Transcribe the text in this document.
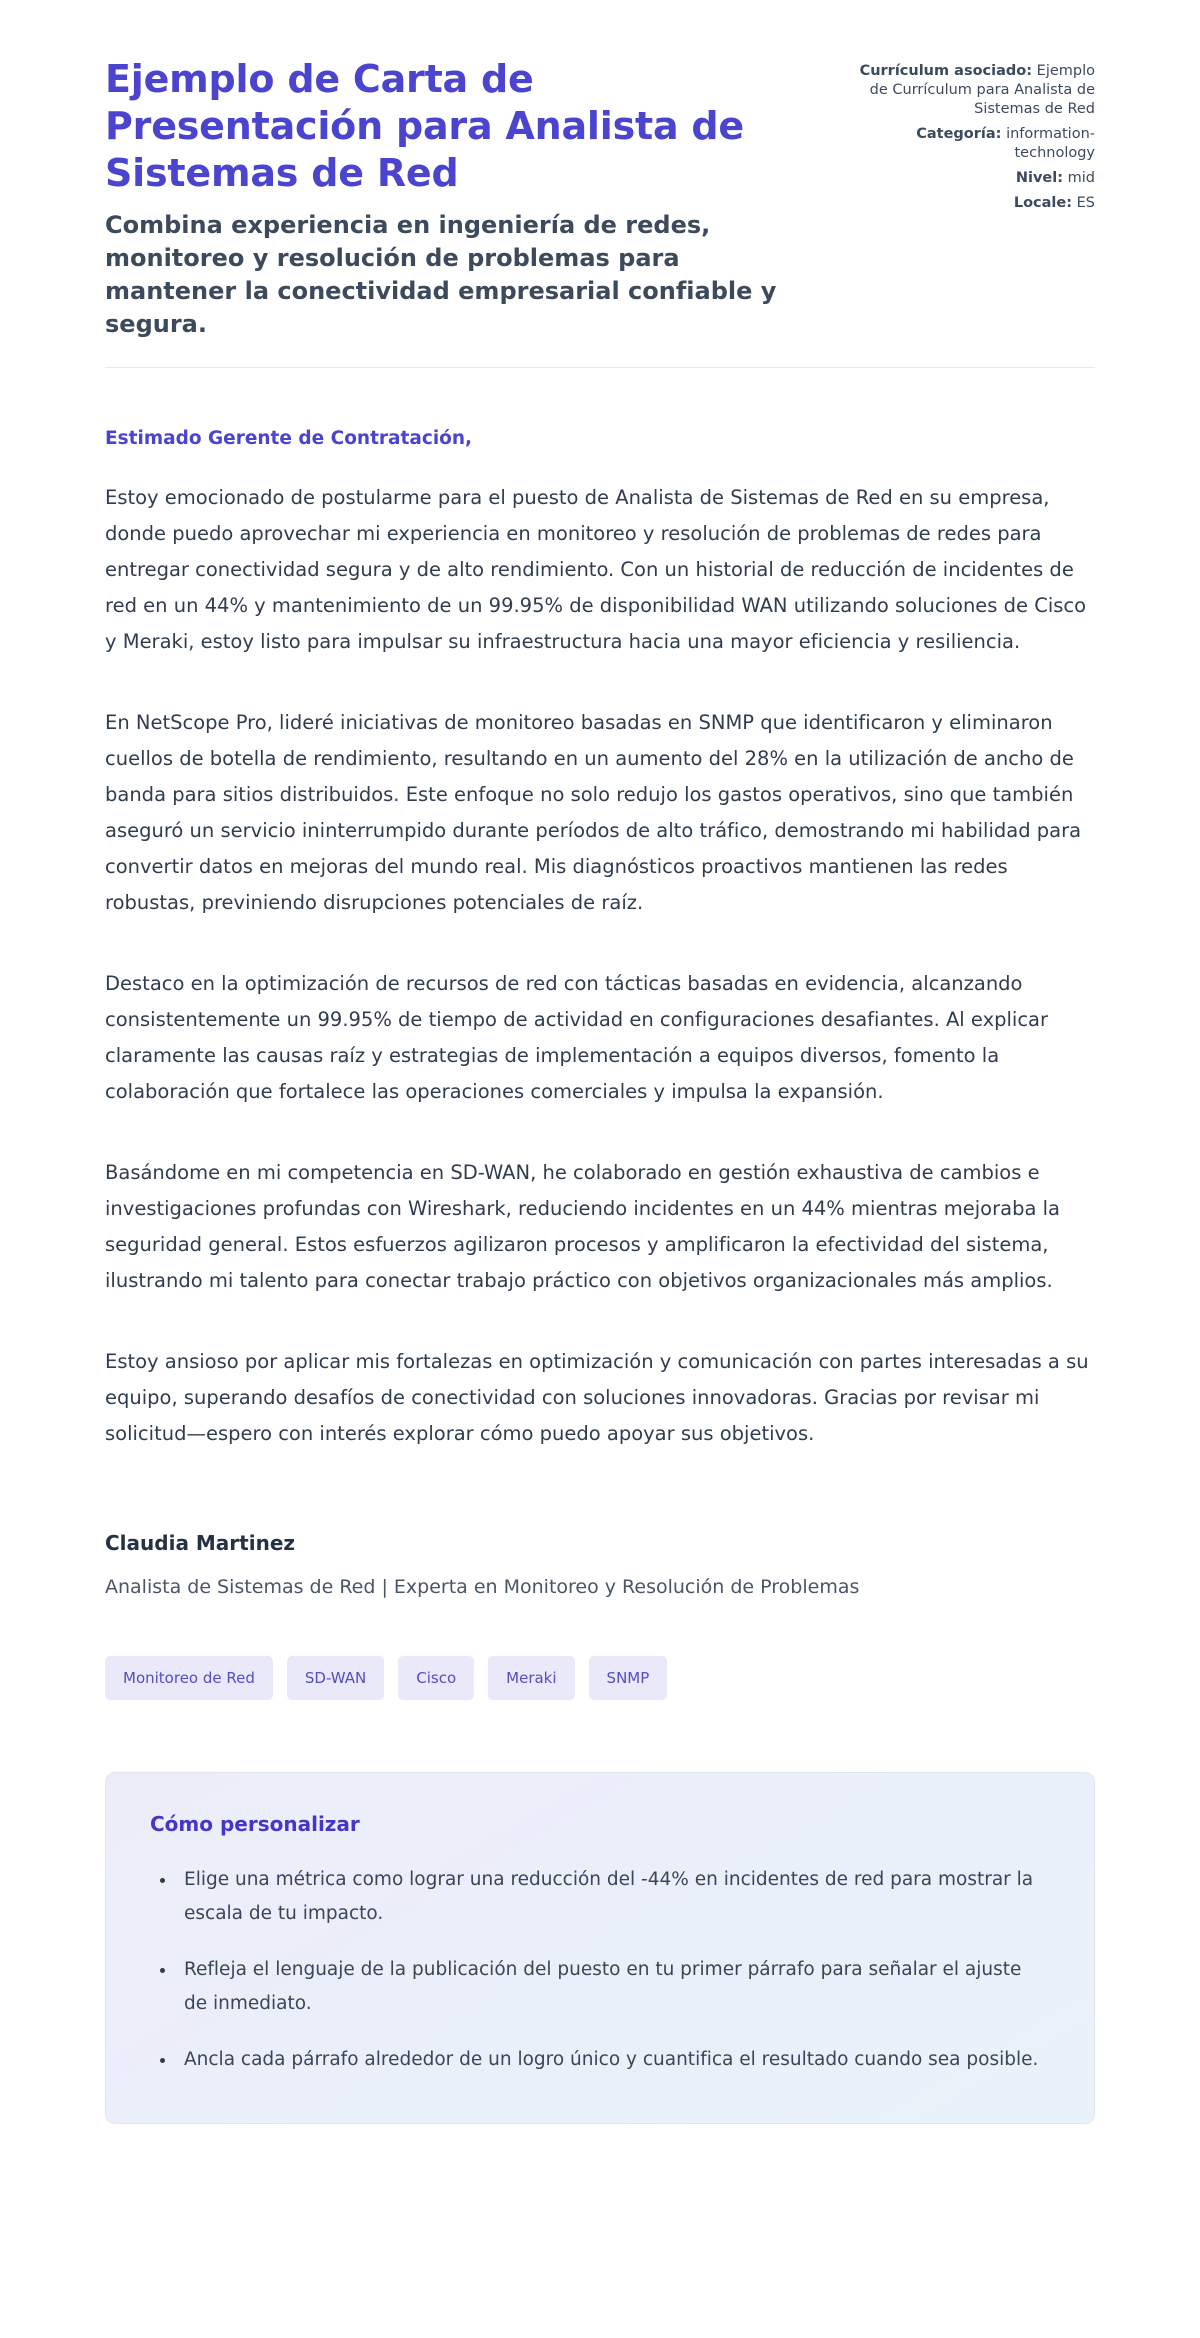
Ejemplo de Carta de Presentación para Analista de Sistemas de Red

Combina experiencia en ingeniería de redes, monitoreo y resolución de problemas para mantener la conectividad empresarial confiable y segura.

Currículum asociado: Ejemplo de Currículum para Analista de Sistemas de Red
Categoría: information-technology
Nivel: mid
Locale: ES

Estimado Gerente de Contratación,

Estoy emocionado de postularme para el puesto de Analista de Sistemas de Red en su empresa, donde puedo aprovechar mi experiencia en monitoreo y resolución de problemas de redes para entregar conectividad segura y de alto rendimiento. Con un historial de reducción de incidentes de red en un 44% y mantenimiento de un 99.95% de disponibilidad WAN utilizando soluciones de Cisco y Meraki, estoy listo para impulsar su infraestructura hacia una mayor eficiencia y resiliencia.

En NetScope Pro, lideré iniciativas de monitoreo basadas en SNMP que identificaron y eliminaron cuellos de botella de rendimiento, resultando en un aumento del 28% en la utilización de ancho de banda para sitios distribuidos. Este enfoque no solo redujo los gastos operativos, sino que también aseguró un servicio ininterrumpido durante períodos de alto tráfico, demostrando mi habilidad para convertir datos en mejoras del mundo real. Mis diagnósticos proactivos mantienen las redes robustas, previniendo disrupciones potenciales de raíz.

Destaco en la optimización de recursos de red con tácticas basadas en evidencia, alcanzando consistentemente un 99.95% de tiempo de actividad en configuraciones desafiantes. Al explicar claramente las causas raíz y estrategias de implementación a equipos diversos, fomento la colaboración que fortalece las operaciones comerciales y impulsa la expansión.

Basándome en mi competencia en SD-WAN, he colaborado en gestión exhaustiva de cambios e investigaciones profundas con Wireshark, reduciendo incidentes en un 44% mientras mejoraba la seguridad general. Estos esfuerzos agilizaron procesos y amplificaron la efectividad del sistema, ilustrando mi talento para conectar trabajo práctico con objetivos organizacionales más amplios.

Estoy ansioso por aplicar mis fortalezas en optimización y comunicación con partes interesadas a su equipo, superando desafíos de conectividad con soluciones innovadoras. Gracias por revisar mi solicitud—espero con interés explorar cómo puedo apoyar sus objetivos.

Claudia Martinez

Analista de Sistemas de Red | Experta en Monitoreo y Resolución de Problemas

Monitoreo de Red	SD-WAN	Cisco	Meraki	SNMP
Cómo personalizar
• Elige una métrica como lograr una reducción del -44% en incidentes de red para mostrar la escala de tu impacto.
• Refleja el lenguaje de la publicación del puesto en tu primer párrafo para señalar el ajuste de inmediato.
• Ancla cada párrafo alrededor de un logro único y cuantifica el resultado cuando sea posible.
